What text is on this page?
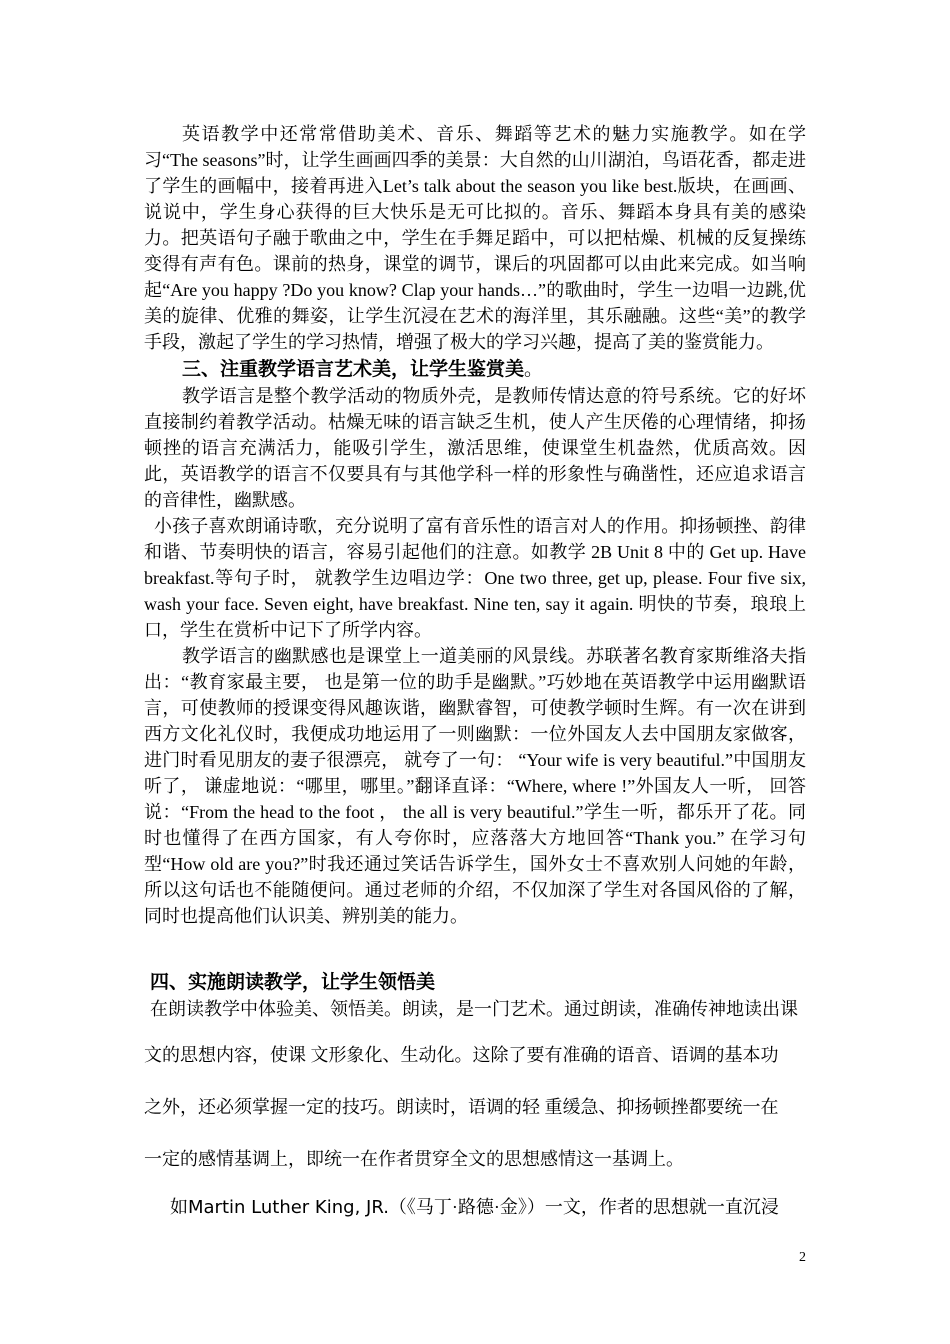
英语教学中还常常借助美术、音乐、舞蹈等艺术的魅力实施教学。如在学习“The seasons”时，让学生画画四季的美景：大自然的山川湖泊，鸟语花香，都走进了学生的画幅中，接着再进入Let’s talk about the season you like best.版块，在画画、说说中，学生身心获得的巨大快乐是无可比拟的。音乐、舞蹈本身具有美的感染力。把英语句子融于歌曲之中，学生在手舞足蹈中，可以把枯燥、机械的反复操练变得有声有色。课前的热身，课堂的调节，课后的巩固都可以由此来完成。如当响起“Are you happy ?Do you know? Clap your hands…”的歌曲时，学生一边唱一边跳,优美的旋律、优雅的舞姿，让学生沉浸在艺术的海洋里，其乐融融。这些“美”的教学手段，激起了学生的学习热情，增强了极大的学习兴趣，提高了美的鉴赏能力。

三、注重教学语言艺术美，让学生鉴赏美。

教学语言是整个教学活动的物质外壳，是教师传情达意的符号系统。它的好坏直接制约着教学活动。枯燥无味的语言缺乏生机，使人产生厌倦的心理情绪，抑扬顿挫的语言充满活力，能吸引学生，激活思维，使课堂生机盎然，优质高效。因此，英语教学的语言不仅要具有与其他学科一样的形象性与确凿性，还应追求语言的音律性，幽默感。

小孩子喜欢朗诵诗歌，充分说明了富有音乐性的语言对人的作用。抑扬顿挫、韵律和谐、节奏明快的语言，容易引起他们的注意。如教学 2B Unit 8 中的 Get up. Have breakfast.等句子时， 就教学生边唱边学：One two three, get up, please. Four five six, wash your face. Seven eight, have breakfast. Nine ten, say it again. 明快的节奏，琅琅上口，学生在赏析中记下了所学内容。

教学语言的幽默感也是课堂上一道美丽的风景线。苏联著名教育家斯维洛夫指出：“教育家最主要， 也是第一位的助手是幽默。”巧妙地在英语教学中运用幽默语言，可使教师的授课变得风趣诙谐，幽默睿智，可使教学顿时生辉。有一次在讲到西方文化礼仪时，我便成功地运用了一则幽默：一位外国友人去中国朋友家做客，进门时看见朋友的妻子很漂亮， 就夸了一句： “Your wife is very beautiful.”中国朋友听了， 谦虚地说：“哪里，哪里。”翻译直译：“Where, where !”外国友人一听， 回答说：“From the head to the foot ， the all is very beautiful.”学生一听，都乐开了花。同时也懂得了在西方国家，有人夸你时，应落落大方地回答“Thank you.” 在学习句型“How old are you?”时我还通过笑话告诉学生，国外女士不喜欢别人问她的年龄，所以这句话也不能随便问。通过老师的介绍，不仅加深了学生对各国风俗的了解，同时也提高他们认识美、辨别美的能力。

四、实施朗读教学，让学生领悟美

在朗读教学中体验美、领悟美。朗读，是一门艺术。通过朗读，准确传神地读出课

文的思想内容，使课 文形象化、生动化。这除了要有准确的语音、语调的基本功

之外，还必须掌握一定的技巧。朗读时，语调的轻 重缓急、抑扬顿挫都要统一在

一定的感情基调上，即统一在作者贯穿全文的思想感情这一基调上。

如Martin Luther King, JR.（《马丁·路德·金》）一文，作者的思想就一直沉浸

2
